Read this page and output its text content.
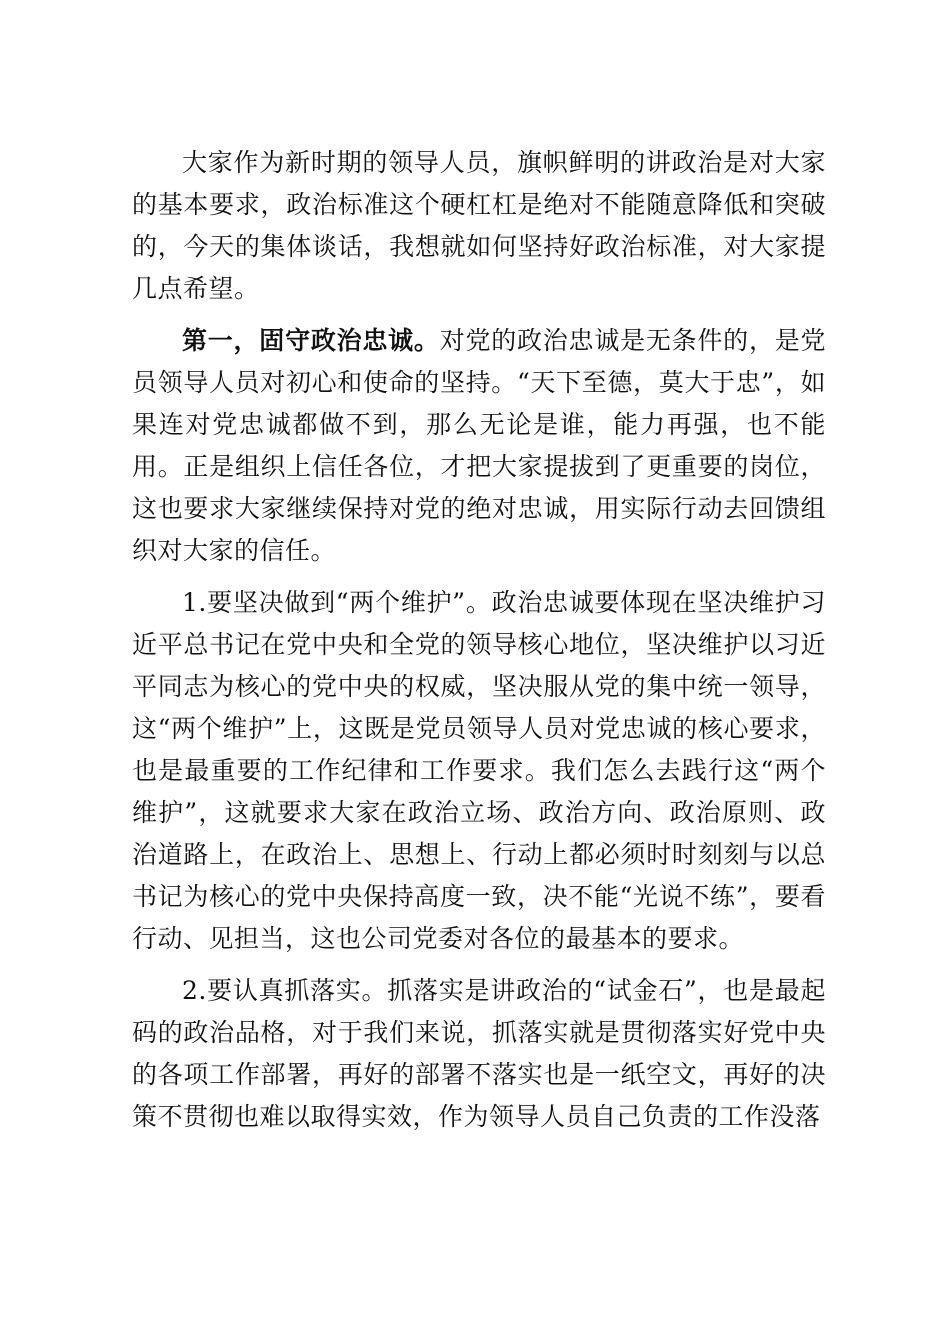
大家作为新时期的领导人员，旗帜鲜明的讲政治是对大家的基本要求，政治标准这个硬杠杠是绝对不能随意降低和突破的，今天的集体谈话，我想就如何坚持好政治标准，对大家提几点希望。

第一，固守政治忠诚。对党的政治忠诚是无条件的，是党员领导人员对初心和使命的坚持。“天下至德，莫大于忠”，如果连对党忠诚都做不到，那么无论是谁，能力再强，也不能用。正是组织上信任各位，才把大家提拔到了更重要的岗位，这也要求大家继续保持对党的绝对忠诚，用实际行动去回馈组织对大家的信任。

1.要坚决做到“两个维护”。政治忠诚要体现在坚决维护习近平总书记在党中央和全党的领导核心地位，坚决维护以习近平同志为核心的党中央的权威，坚决服从党的集中统一领导，这“两个维护”上，这既是党员领导人员对党忠诚的核心要求，也是最重要的工作纪律和工作要求。我们怎么去践行这“两个维护”，这就要求大家在政治立场、政治方向、政治原则、政治道路上，在政治上、思想上、行动上都必须时时刻刻与以总书记为核心的党中央保持高度一致，决不能“光说不练”，要看行动、见担当，这也公司党委对各位的最基本的要求。

2.要认真抓落实。抓落实是讲政治的“试金石”，也是最起码的政治品格，对于我们来说，抓落实就是贯彻落实好党中央的各项工作部署，再好的部署不落实也是一纸空文，再好的决策不贯彻也难以取得实效，作为领导人员自己负责的工作没落
